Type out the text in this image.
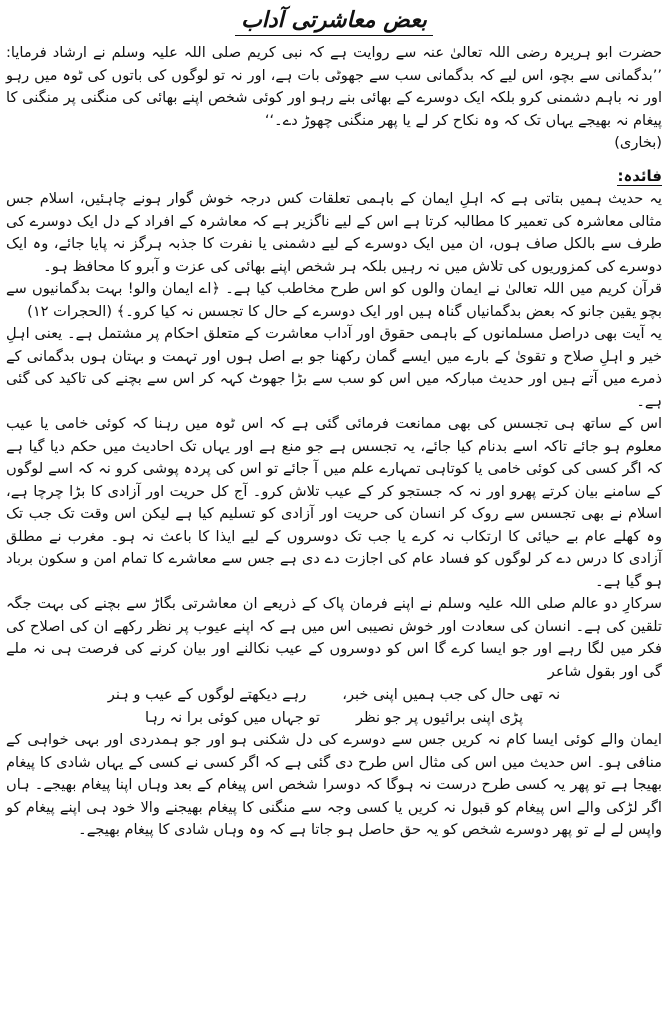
بعض معاشرتی آداب

حضرت ابو ہریرہ رضی اللہ تعالیٰ عنہ سے روایت ہے کہ نبی کریم صلی اللہ علیہ وسلم نے ارشاد فرمایا: ’’بدگمانی سے بچو، اس لیے کہ بدگمانی سب سے جھوٹی بات ہے، اور نہ تو لوگوں کی باتوں کی ٹوہ میں رہو اور نہ باہم دشمنی کرو بلکہ ایک دوسرے کے بھائی بنے رہو اور کوئی شخص اپنے بھائی کی منگنی پر منگنی کا پیغام نہ بھیجے یہاں تک کہ وہ نکاح کر لے یا پھر منگنی چھوڑ دے۔‘‘

(بخاری)
فائدہ:

یہ حدیث ہمیں بتاتی ہے کہ اہلِ ایمان کے باہمی تعلقات کس درجہ خوش گوار ہونے چاہئیں، اسلام جس مثالی معاشرہ کی تعمیر کا مطالبہ کرتا ہے اس کے لیے ناگزیر ہے کہ معاشرہ کے افراد کے دل ایک دوسرے کی طرف سے بالکل صاف ہوں، ان میں ایک دوسرے کے لیے دشمنی یا نفرت کا جذبہ ہرگز نہ پایا جائے، وہ ایک دوسرے کی کمزوریوں کی تلاش میں نہ رہیں بلکہ ہر شخص اپنے بھائی کی عزت و آبرو کا محافظ ہو۔

قرآن کریم میں اللہ تعالیٰ نے ایمان والوں کو اس طرح مخاطب کیا ہے۔ ﴿اے ایمان والو! بہت بدگمانیوں سے بچو یقین جانو کہ بعض بدگمانیاں گناہ ہیں اور ایک دوسرے کے حال کا تجسس نہ کیا کرو۔﴾ (الحجرات ۱۲)

یہ آیت بھی دراصل مسلمانوں کے باہمی حقوق اور آداب معاشرت کے متعلق احکام پر مشتمل ہے۔ یعنی اہلِ خیر و اہلِ صلاح و تقویٰ کے بارے میں ایسے گمان رکھنا جو بے اصل ہوں اور تہمت و بہتان ہوں بدگمانی کے ذمرے میں آتے ہیں اور حدیث مبارکہ میں اس کو سب سے بڑا جھوٹ کہہ کر اس سے بچنے کی تاکید کی گئی ہے۔

اس کے ساتھ ہی تجسس کی بھی ممانعت فرمائی گئی ہے کہ اس ٹوہ میں رہنا کہ کوئی خامی یا عیب معلوم ہو جائے تاکہ اسے بدنام کیا جائے، یہ تجسس ہے جو منع ہے اور یہاں تک احادیث میں حکم دیا گیا ہے کہ اگر کسی کی کوئی خامی یا کوتاہی تمہارے علم میں آ جائے تو اس کی پردہ پوشی کرو نہ کہ اسے لوگوں کے سامنے بیان کرتے پھرو اور نہ کہ جستجو کر کے عیب تلاش کرو۔ آج کل حریت اور آزادی کا بڑا چرچا ہے، اسلام نے بھی تجسس سے روک کر انسان کی حریت اور آزادی کو تسلیم کیا ہے لیکن اس وقت تک جب تک وہ کھلے عام بے حیائی کا ارتکاب نہ کرے یا جب تک دوسروں کے لیے ایذا کا باعث نہ ہو۔ مغرب نے مطلق آزادی کا درس دے کر لوگوں کو فساد عام کی اجازت دے دی ہے جس سے معاشرے کا تمام امن و سکون برباد ہو گیا ہے۔

سرکارِ دو عالم صلی اللہ علیہ وسلم نے اپنے فرمان پاک کے ذریعے ان معاشرتی بگاڑ سے بچنے کی بہت جگہ تلقین کی ہے۔ انسان کی سعادت اور خوش نصیبی اس میں ہے کہ اپنے عیوب پر نظر رکھے ان کی اصلاح کی فکر میں لگا رہے اور جو ایسا کرے گا اس کو دوسروں کے عیب نکالنے اور بیان کرنے کی فرصت ہی نہ ملے گی اور بقول شاعر

نہ تھی حال کی جب ہمیں اپنی خبر،
رہے دیکھتے لوگوں کے عیب و ہنر
پڑی اپنی برائیوں پر جو نظر
تو جہاں میں کوئی برا نہ رہا

ایمان والے کوئی ایسا کام نہ کریں جس سے دوسرے کی دل شکنی ہو اور جو ہمدردی اور بہی خواہی کے منافی ہو۔ اس حدیث میں اس کی مثال اس طرح دی گئی ہے کہ اگر کسی نے کسی کے یہاں شادی کا پیغام بھیجا ہے تو پھر یہ کسی طرح درست نہ ہوگا کہ دوسرا شخص اس پیغام کے بعد وہاں اپنا پیغام بھیجے۔ ہاں اگر لڑکی والے اس پیغام کو قبول نہ کریں یا کسی وجہ سے منگنی کا پیغام بھیجنے والا خود ہی اپنے پیغام کو واپس لے لے تو پھر دوسرے شخص کو یہ حق حاصل ہو جاتا ہے کہ وہ وہاں شادی کا پیغام بھیجے۔
